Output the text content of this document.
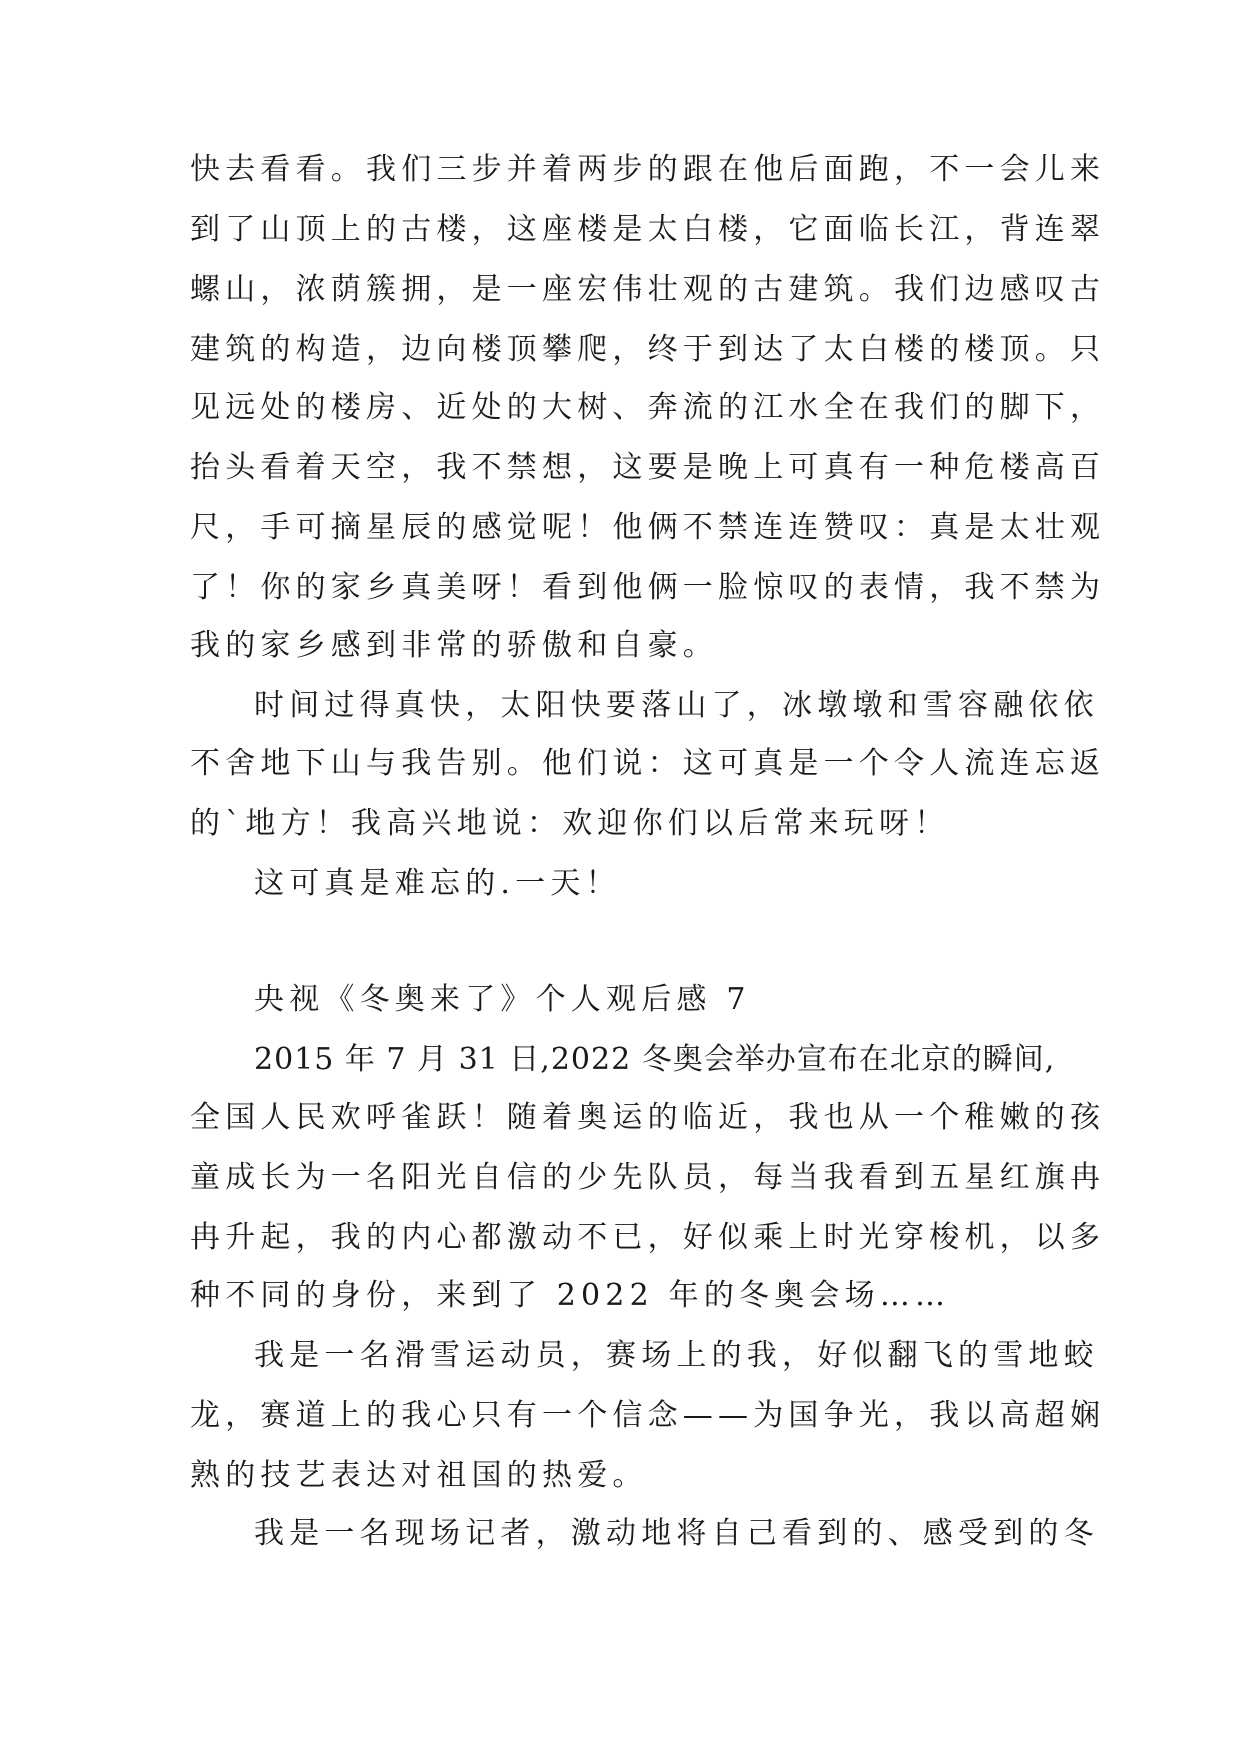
快去看看。我们三步并着两步的跟在他后面跑，不一会儿来
到了山顶上的古楼，这座楼是太白楼，它面临长江，背连翠
螺山，浓荫簇拥，是一座宏伟壮观的古建筑。我们边感叹古
建筑的构造，边向楼顶攀爬，终于到达了太白楼的楼顶。只
见远处的楼房、近处的大树、奔流的江水全在我们的脚下，
抬头看着天空，我不禁想，这要是晚上可真有一种危楼高百
尺，手可摘星辰的感觉呢！他俩不禁连连赞叹：真是太壮观
了！你的家乡真美呀！看到他俩一脸惊叹的表情，我不禁为
我的家乡感到非常的骄傲和自豪。
时间过得真快，太阳快要落山了，冰墩墩和雪容融依依
不舍地下山与我告别。他们说：这可真是一个令人流连忘返
的`地方！我高兴地说：欢迎你们以后常来玩呀！
这可真是难忘的.一天！
央视《冬奥来了》个人观后感 7
2015 年 7 月 31 日,2022 冬奥会举办宣布在北京的瞬间,
全国人民欢呼雀跃！随着奥运的临近，我也从一个稚嫩的孩
童成长为一名阳光自信的少先队员，每当我看到五星红旗冉
冉升起，我的内心都激动不已，好似乘上时光穿梭机，以多
种不同的身份，来到了 2022 年的冬奥会场……
我是一名滑雪运动员，赛场上的我，好似翻飞的雪地蛟
龙，赛道上的我心只有一个信念——为国争光，我以高超娴
熟的技艺表达对祖国的热爱。
我是一名现场记者，激动地将自己看到的、感受到的冬
